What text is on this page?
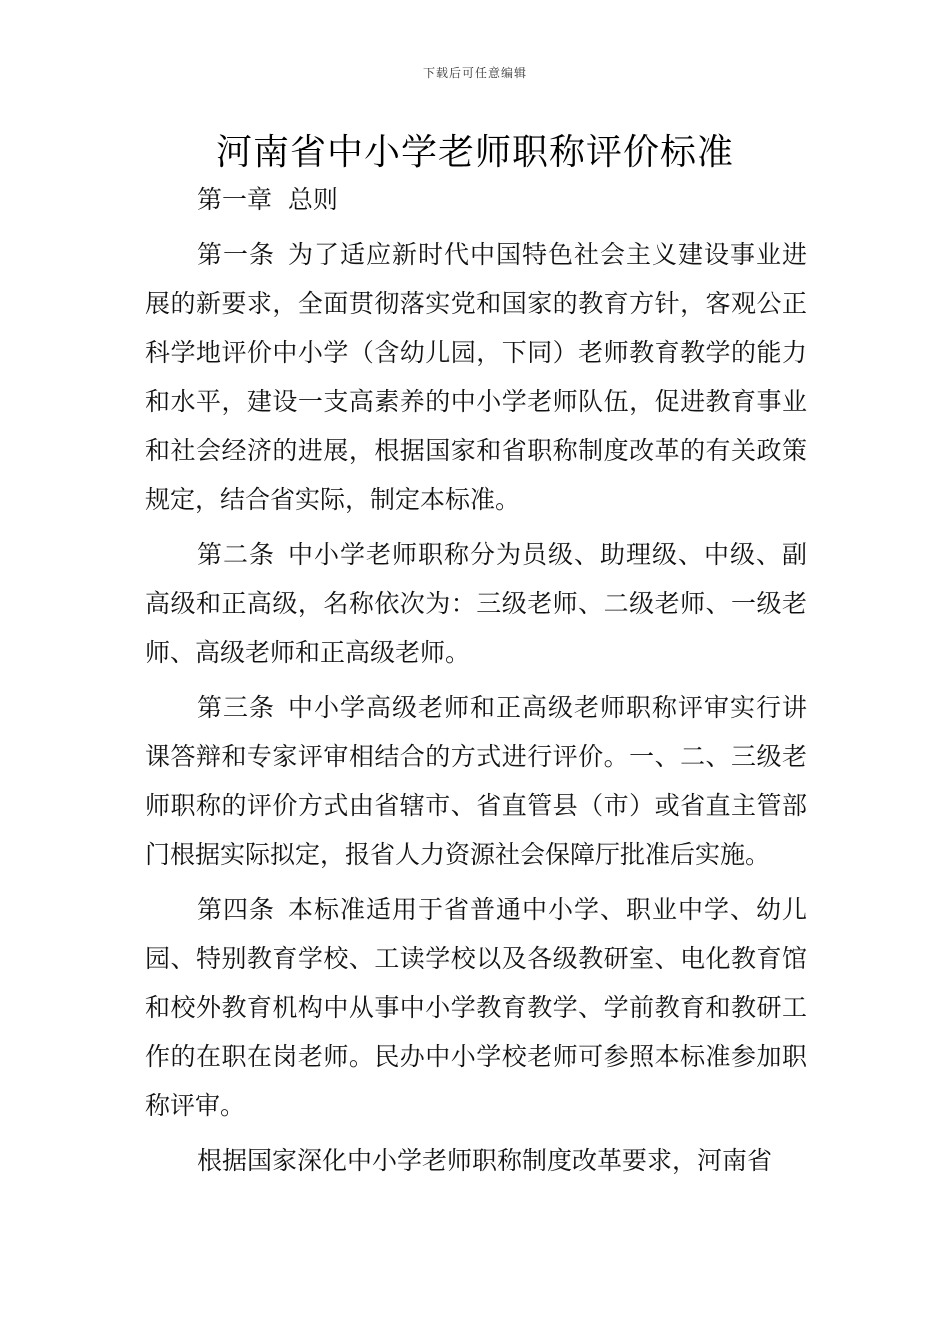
下载后可任意编辑
河南省中小学老师职称评价标准

第一章 总则

第一条 为了适应新时代中国特色社会主义建设事业进展的新要求，全面贯彻落实党和国家的教育方针，客观公正科学地评价中小学（含幼儿园，下同）老师教育教学的能力和水平，建设一支高素养的中小学老师队伍，促进教育事业和社会经济的进展，根据国家和省职称制度改革的有关政策规定，结合省实际，制定本标准。

第二条 中小学老师职称分为员级、助理级、中级、副高级和正高级，名称依次为：三级老师、二级老师、一级老师、高级老师和正高级老师。

第三条 中小学高级老师和正高级老师职称评审实行讲课答辩和专家评审相结合的方式进行评价。一、二、三级老师职称的评价方式由省辖市、省直管县（市）或省直主管部门根据实际拟定，报省人力资源社会保障厅批准后实施。

第四条 本标准适用于省普通中小学、职业中学、幼儿园、特别教育学校、工读学校以及各级教研室、电化教育馆和校外教育机构中从事中小学教育教学、学前教育和教研工作的在职在岗老师。民办中小学校老师可参照本标准参加职称评审。

根据国家深化中小学老师职称制度改革要求，河南省
